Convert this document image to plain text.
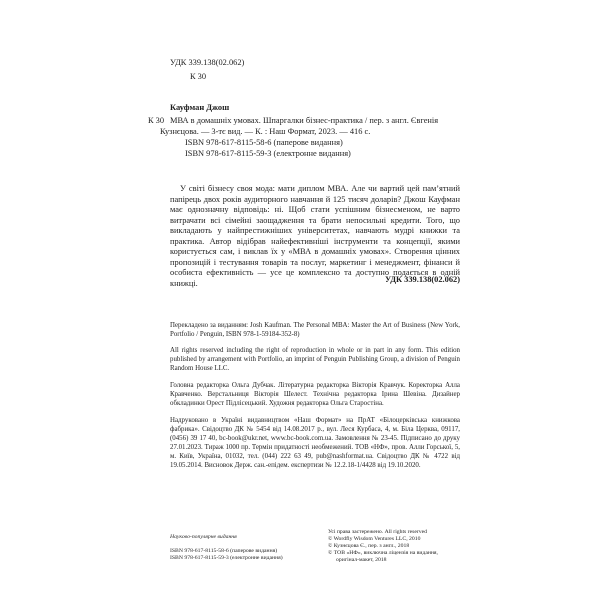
УДК 339.138(02.062)
К 30
К 30
Кауфман Джош
МВА в домашніх умовах. Шпаргалки бізнес-практика / пер. з англ. Євгенія
Кузнєцова. — 3-тє вид. — К. : Наш Формат, 2023. — 416 с.
ISBN 978-617-8115-58-6 (паперове видання)
ISBN 978-617-8115-59-3 (електронне видання)

У світі бізнесу своя мода: мати диплом МВА. Але чи вартий цей пам’ятний папірець двох років аудиторного навчання й 125 тисяч доларів? Джош Кауфман має однозначну відповідь: ні. Щоб стати успішним бізнесменом, не варто витрачати всі сімейні заощадження та брати непосильні кредити. Того, що викладають у найпрестижніших університетах, навчають мудрі книжки та практика. Автор відібрав найефективніші інструменти та концепції, якими користується сам, і виклав їх у «МВА в домашніх умовах». Створення цінних пропозицій і тестування товарів та послуг, маркетинг і менеджмент, фінанси й особиста ефективність — усе це комплексно та доступно подається в одній книжці.	УДК 339.138(02.062)

Перекладено за виданням: Josh Kaufman. The Personal MBA: Master the Art of Business (New York, Portfolio / Penguin, ISBN 978-1-59184-352-8)

All rights reserved including the right of reproduction in whole or in part in any form. This edition published by arrangement with Portfolio, an imprint of Penguin Publishing Group, a division of Penguin Random House LLC.

Головна редакторка Ольга Дубчак. Літературна редакторка Вікторія Кравчук. Коректорка Алла Кравченко. Верстальниця Вікторія Шелест. Технічна редакторка Ірина Шевіна. Дизайнер обкладинки Орест Підлісецький. Художня редакторка Ольга Старостіна.

Надруковано в Україні видавництвом «Наш Формат» на ПрАТ «Білоцерківська книжкова фабрика». Свідоцтво ДК № 5454 від 14.08.2017 р., вул. Леся Курбаса, 4, м. Біла Церква, 09117, (0456) 39 17 40, bc-book@ukr.net, www.bc-book.com.ua. Замовлення № 23-45. Підписано до друку 27.01.2023. Тираж 1000 пр. Термін придатності необмежений. ТОВ «НФ», пров. Алли Горської, 5, м. Київ, Україна, 01032, тел. (044) 222 63 49, pub@nashformat.ua. Свідоцтво ДК № 4722 від 19.05.2014. Висновок Держ. сан.-епідем. експертизи № 12.2.18-1/4428 від 19.10.2020.

Науково-популярне видання
ISBN 978-617-8115-58-6 (паперове видання)
ISBN 978-617-8115-59-3 (електронне видання)
Усі права застережено. All rights reserved
© Wordfly Wisdom Ventures LLC, 2010
© Кузнєцова Є., пер. з англ., 2018
© ТОВ «НФ», виключна ліцензія на видання,
оригінал-макет, 2018
